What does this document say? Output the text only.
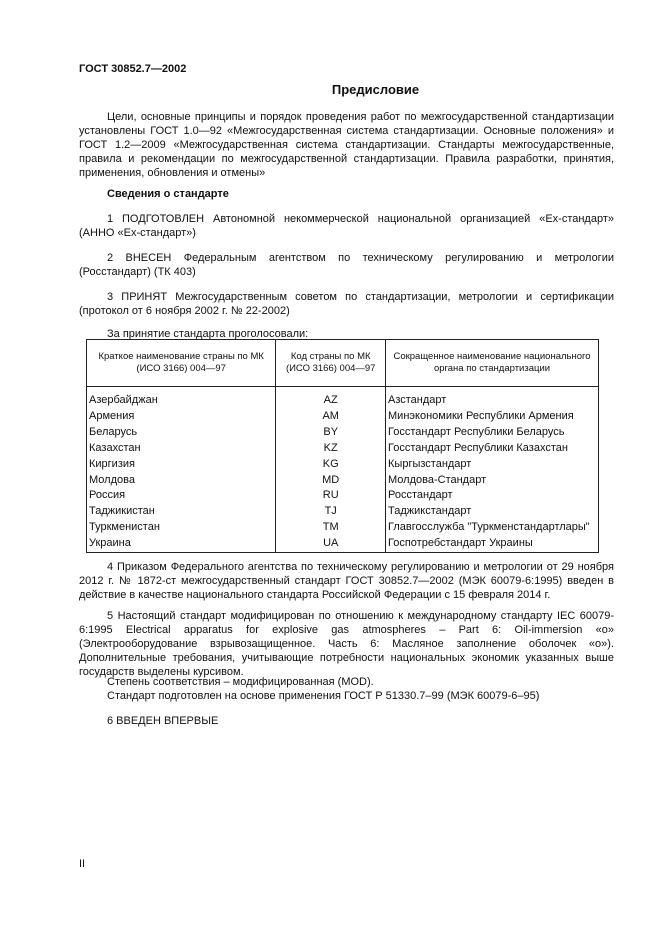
ГОСТ 30852.7—2002
Предисловие
Цели, основные принципы и порядок проведения работ по межгосударственной стандартизации установлены ГОСТ 1.0—92 «Межгосударственная система стандартизации. Основные положения» и ГОСТ 1.2—2009 «Межгосударственная система стандартизации. Стандарты межгосударственные, правила и рекомендации по межгосударственной стандартизации. Правила разработки, принятия, применения, обновления и отмены»
Сведения о стандарте
1 ПОДГОТОВЛЕН Автономной некоммерческой национальной организацией «Ех-стандарт» (АННО «Ех-стандарт»)
2 ВНЕСЕН Федеральным агентством по техническому регулированию и метрологии (Росстандарт) (ТК 403)
3 ПРИНЯТ Межгосударственным советом по стандартизации, метрологии и сертификации (протокол от 6 ноября 2002 г. № 22-2002)
За принятие стандарта проголосовали:
Краткое наименование страны по МК (ИСО 3166) 004—97	Код страны по МК (ИСО 3166) 004—97	Сокращенное наименование национального органа по стандартизации

Азербайджан	AZ	Азстандарт
Армения	AM	Минэкономики Республики Армения
Беларусь	BY	Госстандарт Республики Беларусь
Казахстан	KZ	Госстандарт Республики Казахстан
Киргизия	KG	Кыргызстандарт
Молдова	MD	Молдова-Стандарт
Россия	RU	Росстандарт
Таджикистан	TJ	Таджикстандарт
Туркменистан	TM	Главгосслужба "Туркменстандартлары"
Украина	UA	Госпотребстандарт Украины
4 Приказом Федерального агентства по техническому регулированию и метрологии от 29 ноября 2012 г. № 1872-ст межгосударственный стандарт ГОСТ 30852.7—2002 (МЭК 60079-6:1995) введен в действие в качестве национального стандарта Российской Федерации с 15 февраля 2014 г.
5 Настоящий стандарт модифицирован по отношению к международному стандарту IEC 60079-6:1995 Electrical apparatus for explosive gas atmospheres – Part 6: Oil-immersion «о» (Электрооборудование взрывозащищенное. Часть 6: Масляное заполнение оболочек «о»). Дополнительные требования, учитывающие потребности национальных экономик указанных выше государств выделены курсивом.
Степень соответствия – модифицированная (MOD).
Стандарт подготовлен на основе применения ГОСТ Р 51330.7–99 (МЭК 60079-6–95)
6 ВВЕДЕН ВПЕРВЫЕ
II
